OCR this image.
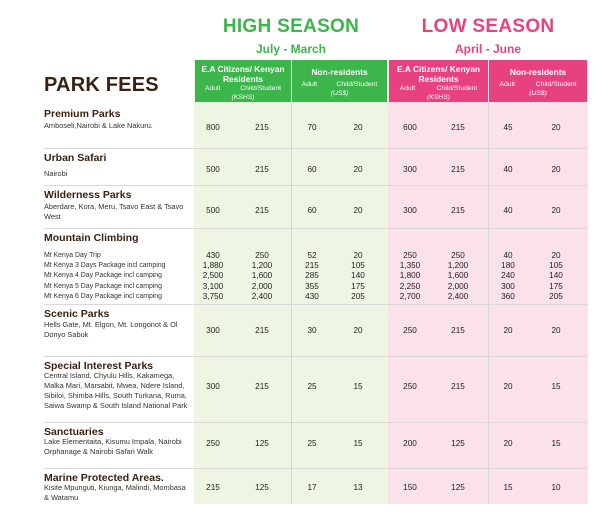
HIGH SEASON
July - March
LOW SEASON
April - June
PARK FEES
E.A Citizens/ Kenyan Residents
Adult	Child/Student
(KSHS)
Non-residents
Adult	Child/Student
(US$)
E.A Citizens/ Kenyan Residents
Adult	Child/Student
(KSHS)
Non-residents
Adult	Child/Student
(US$)
Premium Parks
Amboseli,Nairobi & Lake Nakuru.	800	215	70	20	600	215	45	20
Urban Safari
Nairobi	500	215	60	20	300	215	40	20
Wilderness Parks
Aberdare, Kora, Meru, Tsavo East & Tsavo West
500	215	60	20	300	215	40	20
Mountain Climbing
Mt Kenya Day Trip	430	250	52	20	250	250	40	20
Mt Kenya 3 Days Package incl camping	1,880	1,200	215	105	1,350	1,200	180	105
Mt Kenya 4 Day Package incl camping	2,500	1,600	285	140	1,800	1,600	240	140
Mt Kenya 5 Day Package incl camping	3,100	2,000	355	175	2,250	2,000	300	175
Mt Kenya 6 Day Package incl camping	3,750	2,400	430	205	2,700	2,400	360	205
Scenic Parks
Hells Gate, Mt. Elgon, Mt. Longonot & Ol Donyo Sabuk	300	215	30	20	250	215	20	20
Special Interest Parks
Central Island, Chyulu Hills, Kakamega, Malka Mari, Marsabit, Mwea, Ndere Island, Sibiloi, Shimba Hills, South Turkana, Ruma, Saiwa Swamp & South Island National Park
300	215	25	15	250	215	20	15
Sanctuaries
Lake Elementaita, Kisumu Impala, Nairobi Orphanage & Nairobi Safari Walk
250	125	25	15	200	125	20	15
Marine Protected Areas.
Kisite Mpunguti, Kiunga, Malindi, Mombasa & Watamu
215	125	17	13	150	125	15	10
